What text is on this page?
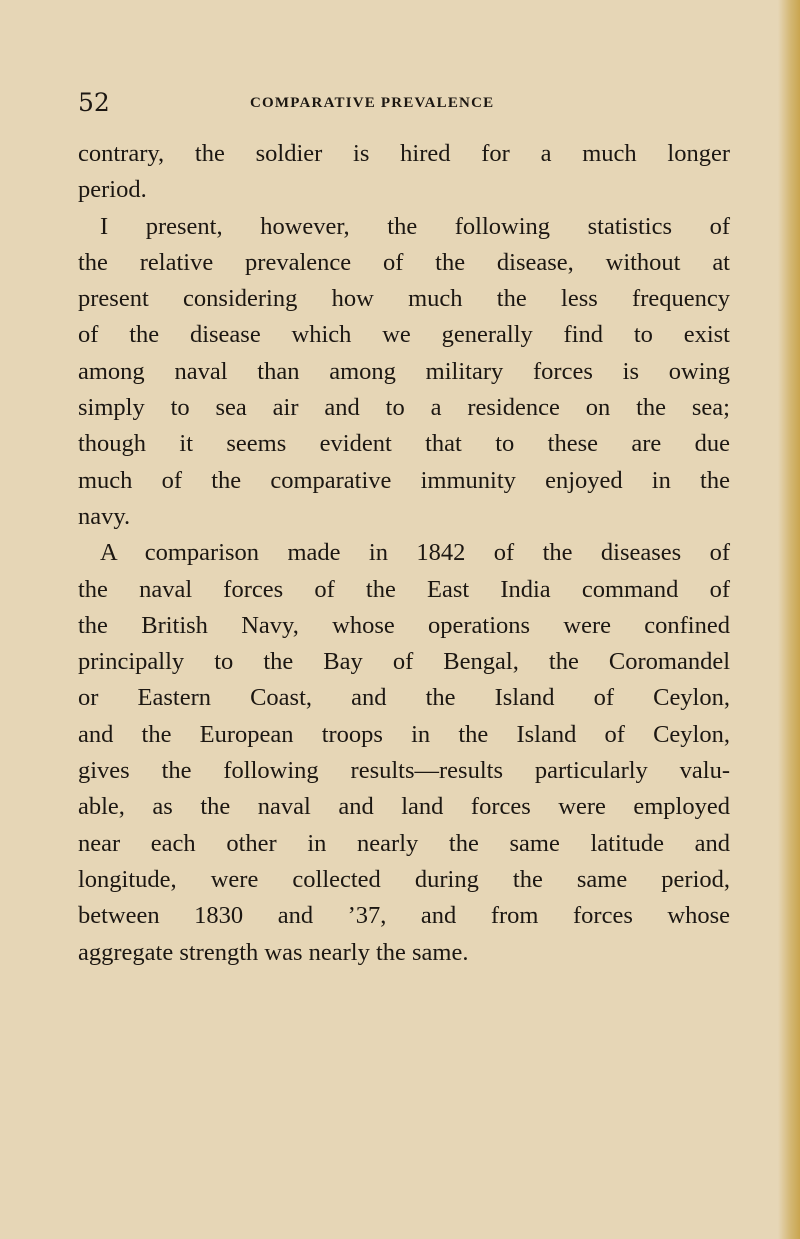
52	COMPARATIVE PREVALENCE
contrary, the soldier is hired for a much longer
period.
I present, however, the following statistics of
the relative prevalence of the disease, without at
present considering how much the less frequency
of the disease which we generally find to exist
among naval than among military forces is owing
simply to sea air and to a residence on the sea;
though it seems evident that to these are due
much of the comparative immunity enjoyed in the
navy.
A comparison made in 1842 of the diseases of
the naval forces of the East India command of
the British Navy, whose operations were confined
principally to the Bay of Bengal, the Coromandel
or Eastern Coast, and the Island of Ceylon,
and the European troops in the Island of Ceylon,
gives the following results—results particularly valu-
able, as the naval and land forces were employed
near each other in nearly the same latitude and
longitude, were collected during the same period,
between 1830 and ’37, and from forces whose
aggregate strength was nearly the same.
